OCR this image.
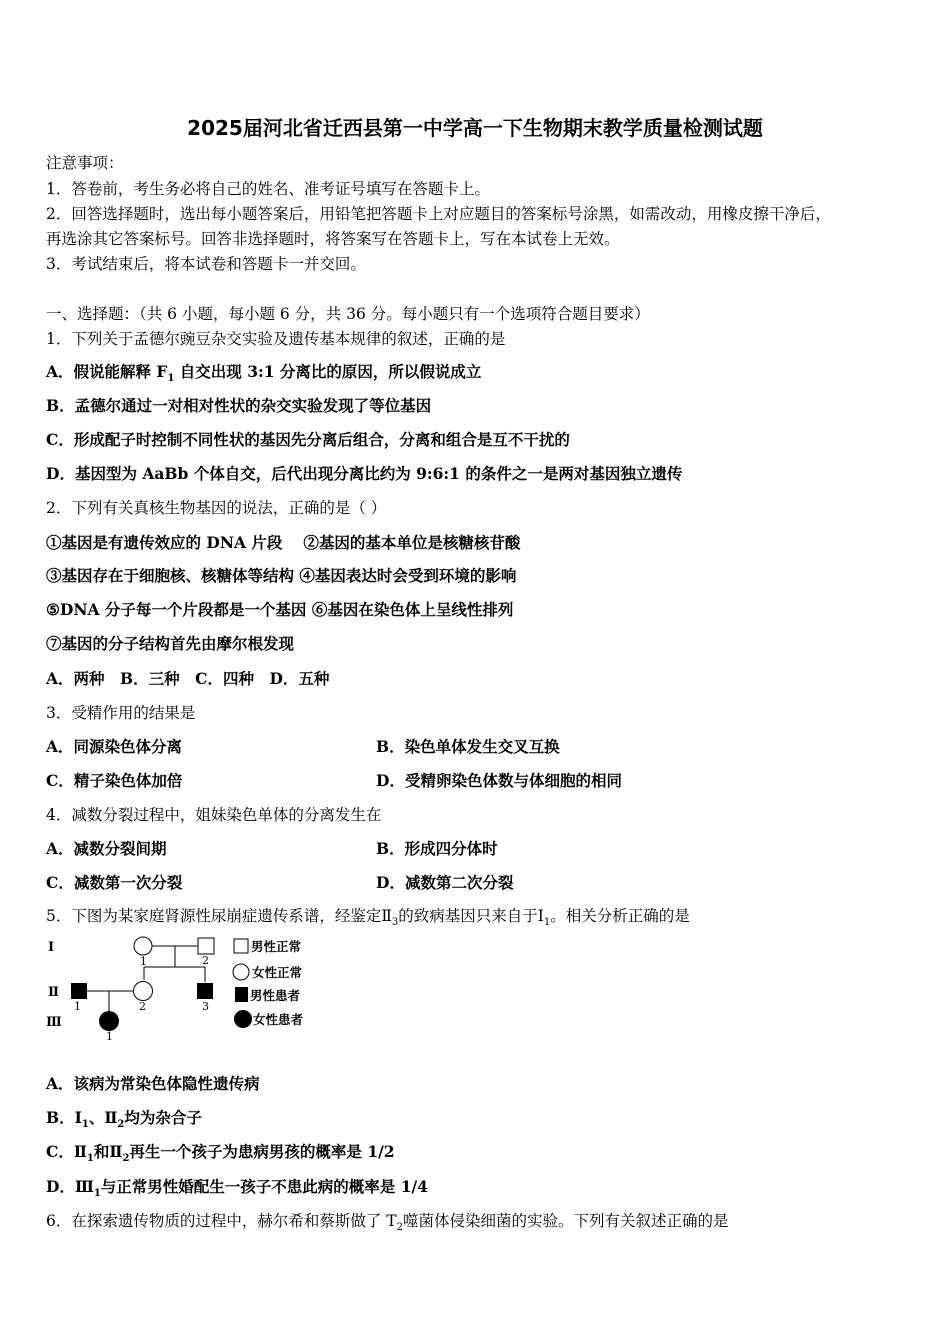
2025届河北省迁西县第一中学高一下生物期末教学质量检测试题
注意事项：
1．答卷前，考生务必将自己的姓名、准考证号填写在答题卡上。
2．回答选择题时，选出每小题答案后，用铅笔把答题卡上对应题目的答案标号涂黑，如需改动，用橡皮擦干净后，
再选涂其它答案标号。回答非选择题时，将答案写在答题卡上，写在本试卷上无效。
3．考试结束后，将本试卷和答题卡一并交回。
一、选择题：（共 6 小题，每小题 6 分，共 36 分。每小题只有一个选项符合题目要求）
1．下列关于孟德尔豌豆杂交实验及遗传基本规律的叙述，正确的是
A．假说能解释 $F_1$ 自交出现 3:1 分离比的原因，所以假说成立
B．孟德尔通过一对相对性状的杂交实验发现了等位基因
C．形成配子时控制不同性状的基因先分离后组合，分离和组合是互不干扰的
D．基因型为 AaBb 个体自交，后代出现分离比约为 9:6:1 的条件之一是两对基因独立遗传
2．下列有关真核生物基因的说法，正确的是（ ）
①基因是有遗传效应的 DNA 片段　 ②基因的基本单位是核糖核苷酸
③基因存在于细胞核、核糖体等结构 ④基因表达时会受到环境的影响
⑤DNA 分子每一个片段都是一个基因 ⑥基因在染色体上呈线性排列
⑦基因的分子结构首先由摩尔根发现
A．两种　B．三种　C．四种　D．五种
3．受精作用的结果是
A．同源染色体分离	B．染色单体发生交叉互换
C．精子染色体加倍	D．受精卵染色体数与体细胞的相同
4．减数分裂过程中，姐妹染色单体的分离发生在
A．减数分裂间期	B．形成四分体时
C．减数第一次分裂	D．减数第二次分裂
5．下图为某家庭肾源性尿崩症遗传系谱，经鉴定$Ⅱ_3$的致病基因只来自于$Ⅰ_1$。相关分析正确的是
Ⅰ
Ⅱ
Ⅲ
1	2
1	2	3
1
男性正常
女性正常
男性患者
女性患者
A．该病为常染色体隐性遗传病
B．$Ⅰ_1$、$Ⅱ_2$均为杂合子
C．$Ⅱ_1$和$Ⅱ_2$再生一个孩子为患病男孩的概率是 1/2
D．$Ⅲ_1$与正常男性婚配生一孩子不患此病的概率是 1/4
6．在探索遗传物质的过程中，赫尔希和蔡斯做了 $T_2$噬菌体侵染细菌的实验。下列有关叙述正确的是
